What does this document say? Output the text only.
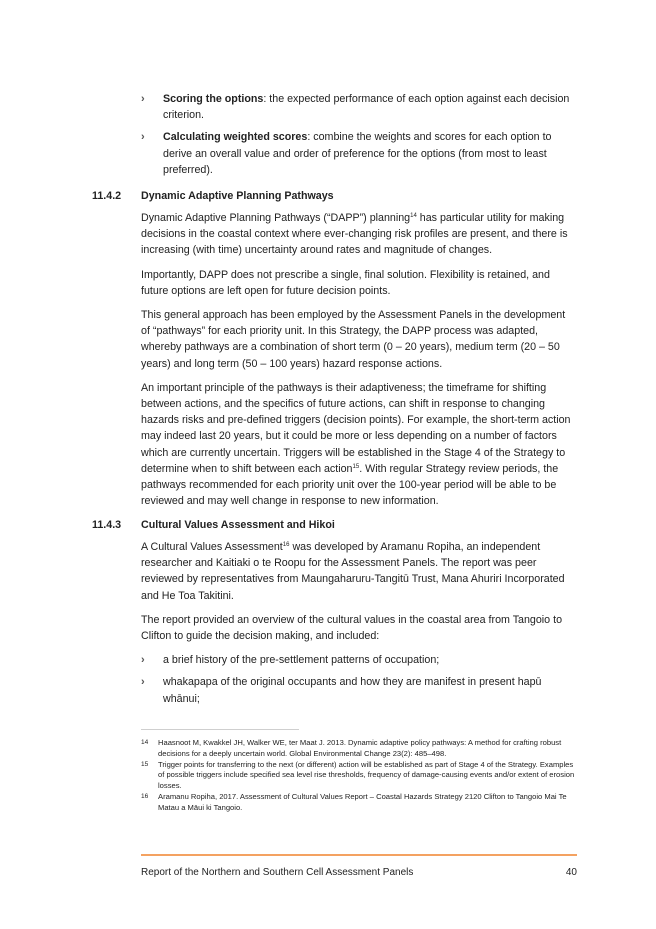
›	Scoring the options: the expected performance of each option against each decision criterion.
›	Calculating weighted scores: combine the weights and scores for each option to derive an overall value and order of preference for the options (from most to least preferred).
11.4.2	Dynamic Adaptive Planning Pathways

Dynamic Adaptive Planning Pathways (“DAPP”) planning$^{14}$ has particular utility for making decisions in the coastal context where ever-changing risk profiles are present, and there is increasing (with time) uncertainty around rates and magnitude of changes.

Importantly, DAPP does not prescribe a single, final solution. Flexibility is retained, and future options are left open for future decision points.

This general approach has been employed by the Assessment Panels in the development of “pathways” for each priority unit. In this Strategy, the DAPP process was adapted, whereby pathways are a combination of short term (0 – 20 years), medium term (20 – 50 years) and long term (50 – 100 years) hazard response actions.

An important principle of the pathways is their adaptiveness; the timeframe for shifting between actions, and the specifics of future actions, can shift in response to changing hazards risks and pre-defined triggers (decision points). For example, the short-term action may indeed last 20 years, but it could be more or less depending on a number of factors which are currently uncertain. Triggers will be established in the Stage 4 of the Strategy to determine when to shift between each action$^{15}$. With regular Strategy review periods, the pathways recommended for each priority unit over the 100-year period will be able to be reviewed and may well change in response to new information.

11.4.3	Cultural Values Assessment and Hikoi

A Cultural Values Assessment$^{16}$ was developed by Aramanu Ropiha, an independent researcher and Kaitiaki o te Roopu for the Assessment Panels. The report was peer reviewed by representatives from Maungaharuru-Tangitū Trust, Mana Ahuriri Incorporated and He Toa Takitini.

The report provided an overview of the cultural values in the coastal area from Tangoio to Clifton to guide the decision making, and included:

›	a brief history of the pre-settlement patterns of occupation;
›	whakapapa of the original occupants and how they are manifest in present hapū whānui;
14	Haasnoot M, Kwakkel JH, Walker WE, ter Maat J. 2013. Dynamic adaptive policy pathways: A method for crafting robust decisions for a deeply uncertain world. Global Environmental Change 23(2): 485–498.
15	Trigger points for transferring to the next (or different) action will be established as part of Stage 4 of the Strategy. Examples of possible triggers include specified sea level rise thresholds, frequency of damage-causing events and/or extent of erosion losses.
16	Aramanu Ropiha, 2017. Assessment of Cultural Values Report – Coastal Hazards Strategy 2120 Clifton to Tangoio Mai Te Matau a Māui ki Tangoio.
Report of the Northern and Southern Cell Assessment Panels	40
